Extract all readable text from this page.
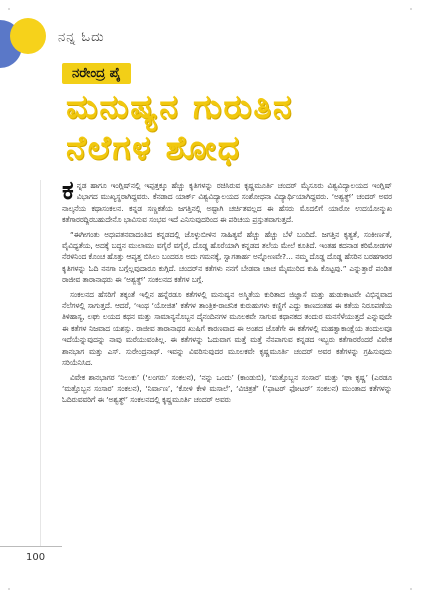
ನನ್ನ ಓದು
ನರೇಂದ್ರ ಪೈ
ಮನುಷ್ಯನ ಗುರುತಿನ
ನೆಲೆಗಳ ಶೋಧ

ಕನ್ನಡ ಹಾಗೂ ಇಂಗ್ಲಿಷ್‌ನಲ್ಲಿ ಇಪ್ಪತ್ತಕ್ಕೂ ಹೆಚ್ಚು ಕೃತಿಗಳನ್ನು ರಚಿಸಿರುವ ಕೃಷ್ಣಮೂರ್ತಿ ಚಂದರ್ ಮೈಸೂರು ವಿಶ್ವವಿದ್ಯಾಲಯದ ಇಂಗ್ಲಿಷ್ ವಿಭಾಗದ ಮುಖ್ಯಸ್ಥರಾಗಿದ್ದವರು. ಕೆನಡಾದ ಯಾರ್ಕ್ ವಿಶ್ವವಿದ್ಯಾಲಯದ ಸಂಶೋಧನಾ ವಿದ್ಯಾರ್ಥಿಯಾಗಿದ್ದವರು. ‘ಅಶ್ವತ್ಥ್’ ಚಂದರ್ ಅವರ ನಾಲ್ಕನೆಯ ಕಥಾಸಂಕಲನ. ಕನ್ನಡ ಸಣ್ಣಕತೆಯ ಜಗತ್ತಿನಲ್ಲಿ ಅಷ್ಟಾಗಿ ಚರ್ಚಿತವಲ್ಲದ ಈ ಹೆಸರು ಮೊದಲಿಗೆ ಯಾರೋ ಉದಯೋನ್ಮುಖ ಕತೆಗಾರರದ್ದಿರಬಹುದೇನೊ ಭಾವಿಸುವ ಸಂಭವ ಇದೆ ಎನಿಸುವುದರಿಂದ ಈ ಪರಿಚಯ ಪ್ರಸ್ತುತವಾಗುತ್ತದೆ.

“ಈಗೀಗಂತು ಅಧಃಪತನವಾದಂತಿದ ಕನ್ನಡದಲ್ಲಿ ಜೊಳ್ಳುಬೀಳಿನ ಸಾಹಿತ್ಯವೆ ಹೆಚ್ಚು ಹೆಚ್ಚು ಬೆಳೆ ಬಂದಿದೆ. ಜಗತ್ತಿನ ಕೃತ್ಯತೆ, ಸಂಕೀರ್ಣತೆ, ವೈವಿಧ್ಯತೆಯ, ಅದಕ್ಕೆ ಬದ್ಧನ ಮುಲಾಮು ವಗೈರೆ ವಗೈರೆ, ದೊಡ್ಡ ಹೊರೆಯಾಗಿ ಕನ್ನಡದ ತಲೆಯ ಮೇಲೆ ಕೂತಿದೆ. ಇಂತಹ ಕದನಾಡ ಕರಿಮೋಡಗಳ ನೆರಳಿನಿಂದ ಕೊಂಚ ಹೊತ್ತು ಆಪ್ಯತ್ತ ಬಿಸಿಲು ಬಂದರೂ ಅದು ಗಮನಕ್ಕೆ, ಸ್ವಾಗತಾರ್ಹ ಅನ್ನೋಣವೇ?... ನಮ್ಮ ದೊಡ್ಡ ದೊಡ್ಡ ಹೆಸರಿನ ಬರಹಗಾರರ ಕೃತಿಗಳನ್ನು ಓದಿ ನನಗಾ ಬಗ್ಗೆಲ್ಲವುದಾರೂ ಕುಗ್ಗಿದೆ. ಚಂದರ್‌ನ ಕತೆಗಳು ನನಗೆ ಬೇಡವಾ ಚಾಚ ಮೈಮುರಿದ ಕುಹಿ ಕೊಟ್ಟವು.” ಎನ್ನುತ್ತಾರೆ ಪಂಡಿತ ರಾಜೀವ ತಾರಾನಾಥರು ಈ ‘ಅಶ್ವತ್ಥ್’ ಸಂಕಲನದ ಕತೆಗಳ ಬಗ್ಗೆ.

ಸಂಕಲನದ ಹೆಸರಿಗೆ ತಕ್ಕಂತೆ ಇಲ್ಲಿನ ಹನ್ನೆರಡೂ ಕತೆಗಳಲ್ಲಿ ಮನುಷ್ಯನ ಅಸ್ಮಿತೆಯ ಕುರಿತಾದ ಜಿಜ್ಞಾಸೆ ಮತ್ತು ಹುಡುಕಾಟವೇ ವಿಭಿನ್ನವಾದ ನೆಲೆಗಳಲ್ಲಿ ಸಾಗುತ್ತದೆ. ಆದರೆ, ‘ಇಂಥ ‘ಯೋಜಿತ’ ಕತೆಗಳ ತಾಂತ್ರಿಕ-ರಾಚನಿಕ ಕುರುಹುಗಳು ಕಣ್ಣಿಗೆ ಎದ್ದು ಕಾಣದಂತಹ ಈ ಕತೆಯ ನಿರೂಪಣೆಯ ತಿಳಿಹಾಸ್ಯ, ಲಘು ಲಯದ ಕಥನ ಮತ್ತು ಸಾಮಾನ್ಯನೊಬ್ಬನ ದೈನಂದಿನಗಳ ಮೂಲಕವೇ ಸಾಗುವ ಕಥಾನಕದ ತಂದುರ ಮನಸೆಳೆಯುತ್ತದೆ ಎನ್ನುವುದೇ ಈ ಕತೆಗಳ ನಿಜವಾದ ಯಶಸ್ಸು. ರಾಜೀವ ತಾರಾನಾಥರ ಖುಷಿಗೆ ಕಾರಣವಾದ ಈ ಅಂಶದ ಜೊತೆಗೇ ಈ ಕತೆಗಳಲ್ಲಿ ಮಹತ್ವಾಕಾಂಕ್ಷೆಯ ತಂದುಲವೂ ಇದೆಯೆನ್ನುವುದನ್ನು ನಾವು ಮರೆಯುವಂತಿಲ್ಲ. ಈ ಕತೆಗಳನ್ನು ಓದುವಾಗ ಮತ್ತೆ ಮತ್ತೆ ನೆನಪಾಗುವ ಕನ್ನಡದ ಇಬ್ಬರು ಕತೆಗಾರರೆಂದರೆ ವಿವೇಕ ಶಾನಭಾಗ ಮತ್ತು ಎಸ್. ಸುರೇಂದ್ರನಾಥ್. ಇವನ್ನು ವಿವರಿಸುವುದರ ಮೂಲಕವೇ ಕೃಷ್ಣಮೂರ್ತಿ ಚಂದರ್ ಅವರ ಕತೆಗಳನ್ನು ಗ್ರಹಿಸುವುದು ಸರಿಯೆನಿಸಿದ.

ವಿವೇಕ ಶಾನಭಾಗರ ‘ನಿಲುಕು’ (‘ಲಂಗರು’ ಸಂಕಲನ), ‘ನನ್ನು ಒಂದು’ (ಕಾಂಡುಬಿ), ‘ಮತ್ತೊಬ್ಬನ ಸಂಸಾರ’ ಮತ್ತು ‘ಘಾ ಕೃಷ್ಣ’ (ಎರಡೂ ‘ಮತ್ತೊಬ್ಬನ ಸಂಸಾರ’ ಸಂಕಲನ), ‘ನಿರ್ವಾಣ’, ‘ಕೋಳಿ ಕೇಳಿ ಮಸಾಲೆ’, ‘ವಿಚಿತ್ರತೆ’ (‘ಫಾಟರ್ ಫೋಟರ್’ ಸಂಕಲನ) ಮುಂತಾದ ಕತೆಗಳನ್ನು ಓದಿರುವವರಿಗೆ ಈ ‘ಅಶ್ವತ್ಥ್’ ಸಂಕಲನದಲ್ಲಿ ಕೃಷ್ಣಮೂರ್ತಿ ಚಂದರ್ ಅವರು

100
